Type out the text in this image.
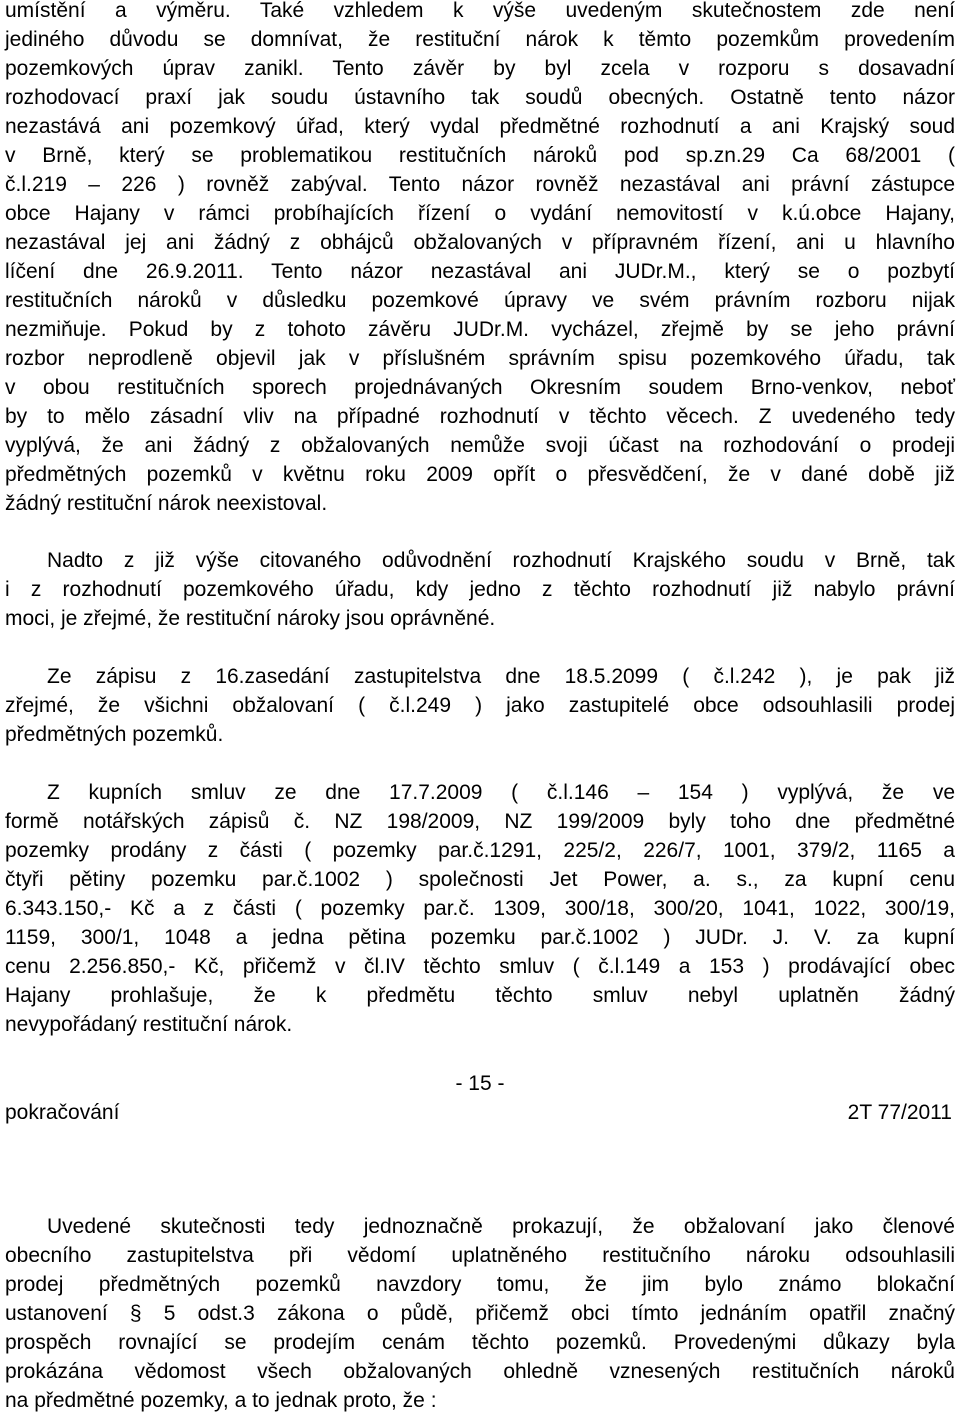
umístění a výměru. Také vzhledem k výše uvedeným skutečnostem zde není
jediného důvodu se domnívat, že restituční nárok k těmto pozemkům provedením
pozemkových úprav zanikl. Tento závěr by byl zcela v rozporu s dosavadní
rozhodovací praxí jak soudu ústavního tak soudů obecných. Ostatně tento názor
nezastává ani pozemkový úřad, který vydal předmětné rozhodnutí a ani Krajský soud
v Brně, který se problematikou restitučních nároků pod sp.zn.29 Ca 68/2001 (
č.l.219 – 226 ) rovněž zabýval. Tento názor rovněž nezastával ani právní zástupce
obce Hajany v rámci probíhajících řízení o vydání nemovitostí v k.ú.obce Hajany,
nezastával jej ani žádný z obhájců obžalovaných v přípravném řízení, ani u hlavního
líčení dne 26.9.2011. Tento názor nezastával ani JUDr.M., který se o pozbytí
restitučních nároků v důsledku pozemkové úpravy ve svém právním rozboru nijak
nezmiňuje. Pokud by z tohoto závěru JUDr.M. vycházel, zřejmě by se jeho právní
rozbor neprodleně objevil jak v příslušném správním spisu pozemkového úřadu, tak
v obou restitučních sporech projednávaných Okresním soudem Brno-venkov, neboť
by to mělo zásadní vliv na případné rozhodnutí v těchto věcech. Z uvedeného tedy
vyplývá, že ani žádný z obžalovaných nemůže svoji účast na rozhodování o prodeji
předmětných pozemků v květnu roku 2009 opřít o přesvědčení, že v dané době již
žádný restituční nárok neexistoval.
Nadto z již výše citovaného odůvodnění rozhodnutí Krajského soudu v Brně, tak
i z rozhodnutí pozemkového úřadu, kdy jedno z těchto rozhodnutí již nabylo právní
moci, je zřejmé, že restituční nároky jsou oprávněné.
Ze zápisu z 16.zasedání zastupitelstva dne 18.5.2099 ( č.l.242 ), je pak již
zřejmé, že všichni obžalovaní ( č.l.249 ) jako zastupitelé obce odsouhlasili prodej
předmětných pozemků.
Z kupních smluv ze dne 17.7.2009 ( č.l.146 – 154 ) vyplývá, že ve
formě notářských zápisů č. NZ 198/2009, NZ 199/2009 byly toho dne předmětné
pozemky prodány z části ( pozemky par.č.1291, 225/2, 226/7, 1001, 379/2, 1165 a
čtyři pětiny pozemku par.č.1002 ) společnosti Jet Power, a. s., za kupní cenu
6.343.150,- Kč a z části ( pozemky par.č. 1309, 300/18, 300/20, 1041, 1022, 300/19,
1159, 300/1, 1048 a jedna pětina pozemku par.č.1002 ) JUDr. J. V. za kupní
cenu 2.256.850,- Kč, přičemž v čl.IV těchto smluv ( č.l.149 a 153 ) prodávající obec
Hajany prohlašuje, že k předmětu těchto smluv nebyl uplatněn žádný
nevypořádaný restituční nárok.
- 15 -
pokračování	2T 77/2011
Uvedené skutečnosti tedy jednoznačně prokazují, že obžalovaní jako členové
obecního zastupitelstva při vědomí uplatněného restitučního nároku odsouhlasili
prodej předmětných pozemků navzdory tomu, že jim bylo známo blokační
ustanovení § 5 odst.3 zákona o půdě, přičemž obci tímto jednáním opatřil značný
prospěch rovnající se prodejím cenám těchto pozemků. Provedenými důkazy byla
prokázána vědomost všech obžalovaných ohledně vznesených restitučních nároků
na předmětné pozemky, a to jednak proto, že :
